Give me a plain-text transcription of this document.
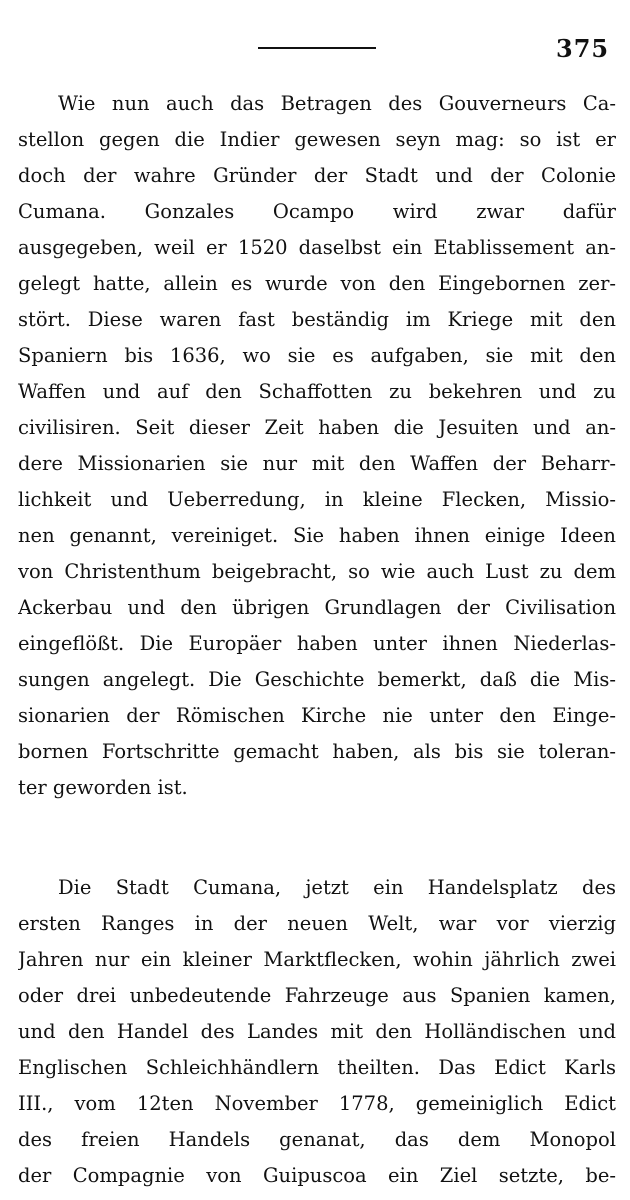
375
Wie nun auch das Betragen des Gouverneurs Ca-
stellon gegen die Indier gewesen seyn mag: so ist er
doch der wahre Gründer der Stadt und der Colonie
Cumana. Gonzales Ocampo wird zwar dafür
ausgegeben, weil er 1520 daselbst ein Etablissement an-
gelegt hatte, allein es wurde von den Eingebornen zer-
stört. Diese waren fast beständig im Kriege mit den
Spaniern bis 1636, wo sie es aufgaben, sie mit den
Waffen und auf den Schaffotten zu bekehren und zu
civilisiren. Seit dieser Zeit haben die Jesuiten und an-
dere Missionarien sie nur mit den Waffen der Beharr-
lichkeit und Ueberredung, in kleine Flecken, Missio-
nen genannt, vereiniget. Sie haben ihnen einige Ideen
von Christenthum beigebracht, so wie auch Lust zu dem
Ackerbau und den übrigen Grundlagen der Civilisation
eingeflößt. Die Europäer haben unter ihnen Niederlas-
sungen angelegt. Die Geschichte bemerkt, daß die Mis-
sionarien der Römischen Kirche nie unter den Einge-
bornen Fortschritte gemacht haben, als bis sie toleran-
ter geworden ist.
Die Stadt Cumana, jetzt ein Handelsplatz des
ersten Ranges in der neuen Welt, war vor vierzig
Jahren nur ein kleiner Marktflecken, wohin jährlich zwei
oder drei unbedeutende Fahrzeuge aus Spanien kamen,
und den Handel des Landes mit den Holländischen und
Englischen Schleichhändlern theilten. Das Edict Karls
III., vom 12ten November 1778, gemeiniglich Edict
des freien Handels genanat, das dem Monopol
der Compagnie von Guipuscoa ein Ziel setzte, be-
